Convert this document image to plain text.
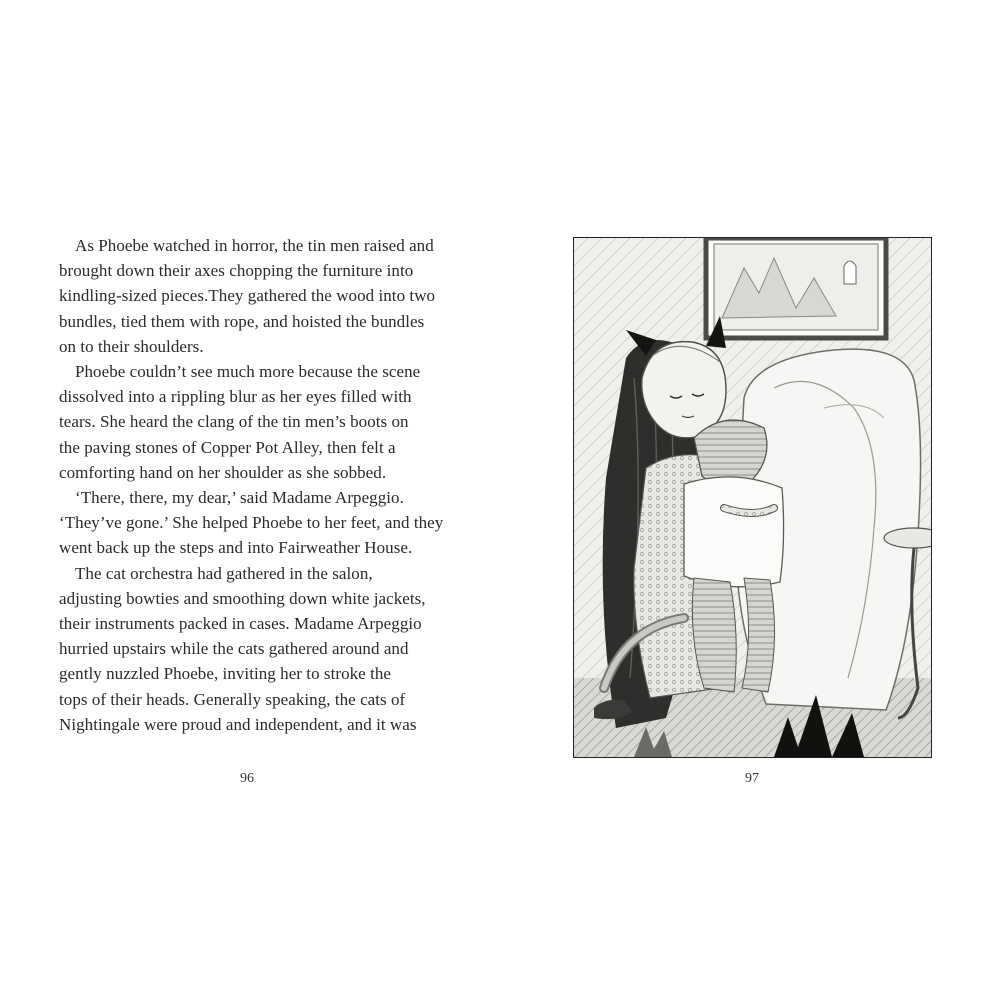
As Phoebe watched in horror, the tin men raised and
brought down their axes chopping the furniture into
kindling-sized pieces.They gathered the wood into two
bundles, tied them with rope, and hoisted the bundles
on to their shoulders.

Phoebe couldn’t see much more because the scene
dissolved into a rippling blur as her eyes filled with
tears. She heard the clang of the tin men’s boots on
the paving stones of Copper Pot Alley, then felt a
comforting hand on her shoulder as she sobbed.

‘There, there, my dear,’ said Madame Arpeggio.
‘They’ve gone.’ She helped Phoebe to her feet, and they
went back up the steps and into Fairweather House.

The cat orchestra had gathered in the salon,
adjusting bowties and smoothing down white jackets,
their instruments packed in cases. Madame Arpeggio
hurried upstairs while the cats gathered around and
gently nuzzled Phoebe, inviting her to stroke the
tops of their heads. Generally speaking, the cats of
Nightingale were proud and independent, and it was

96	97
